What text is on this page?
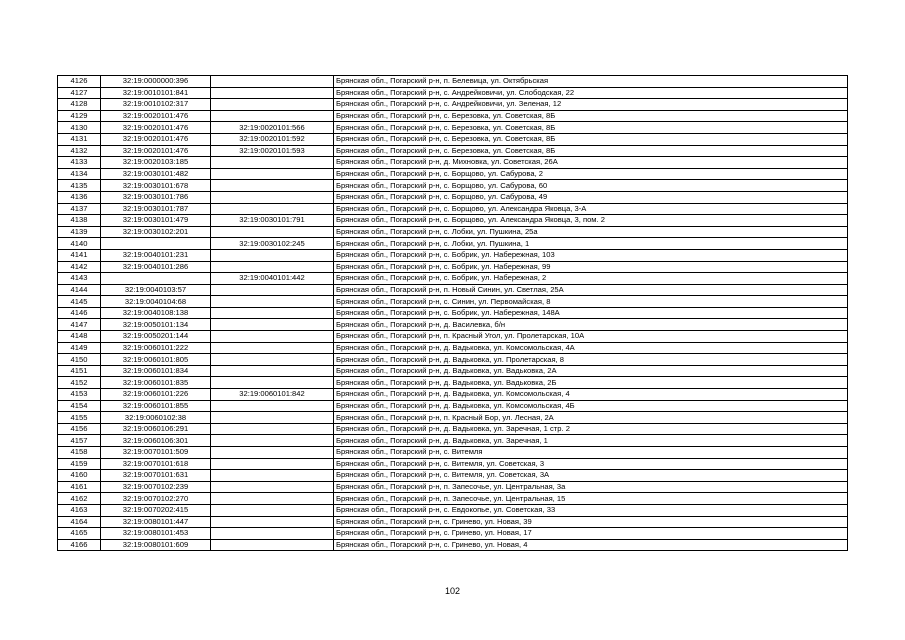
4126	32:19:0000000:396		Брянская обл., Погарский р-н, п. Белевица, ул. Октябрьская
4127	32:19:0010101:841		Брянская обл., Погарский р-н, с. Андрейковичи, ул. Слободская, 22
4128	32:19:0010102:317		Брянская обл., Погарский р-н, с. Андрейковичи, ул. Зеленая, 12
4129	32:19:0020101:476		Брянская обл., Погарский р-н, с. Березовка, ул. Советская, 8Б
4130	32:19:0020101:476	32:19:0020101:566	Брянская обл., Погарский р-н, с. Березовка, ул. Советская, 8Б
4131	32:19:0020101:476	32:19:0020101:592	Брянская обл., Погарский р-н, с. Березовка, ул. Советская, 8Б
4132	32:19:0020101:476	32:19:0020101:593	Брянская обл., Погарский р-н, с. Березовка, ул. Советская, 8Б
4133	32:19:0020103:185		Брянская обл., Погарский р-н, д. Михновка, ул. Советская, 26А
4134	32:19:0030101:482		Брянская обл., Погарский р-н, с. Борщово, ул. Сабурова, 2
4135	32:19:0030101:678		Брянская обл., Погарский р-н, с. Борщово, ул. Сабурова, 60
4136	32:19:0030101:786		Брянская обл., Погарский р-н, с. Борщово, ул. Сабурова, 49
4137	32:19:0030101:787		Брянская обл., Погарский р-н, с. Борщово, ул. Александра Яковца, 3-А
4138	32:19:0030101:479	32:19:0030101:791	Брянская обл., Погарский р-н, с. Борщово, ул. Александра Яковца, 3, пом. 2
4139	32:19:0030102:201		Брянская обл., Погарский р-н, с. Лобки, ул. Пушкина, 25а
4140		32:19:0030102:245	Брянская обл., Погарский р-н, с. Лобки, ул. Пушкина, 1
4141	32:19:0040101:231		Брянская обл., Погарский р-н, с. Бобрик, ул. Набережная, 103
4142	32:19:0040101:286		Брянская обл., Погарский р-н, с. Бобрик, ул. Набережная, 99
4143		32:19:0040101:442	Брянская обл., Погарский р-н, с. Бобрик, ул. Набережная, 2
4144	32:19:0040103:57		Брянская обл., Погарский р-н, п. Новый Синин, ул. Светлая, 25А
4145	32:19:0040104:68		Брянская обл., Погарский р-н, с. Синин, ул. Первомайская, 8
4146	32:19:0040108:138		Брянская обл., Погарский р-н, с. Бобрик, ул. Набережная, 148А
4147	32:19:0050101:134		Брянская обл., Погарский р-н, д. Василевка, б/н
4148	32:19:0050201:144		Брянская обл., Погарский р-н, п. Красный Угол, ул. Пролетарская, 10А
4149	32:19:0060101:222		Брянская обл., Погарский р-н, д. Вадьковка, ул. Комсомольская, 4А
4150	32:19:0060101:805		Брянская обл., Погарский р-н, д. Вадьковка, ул. Пролетарская, 8
4151	32:19:0060101:834		Брянская обл., Погарский р-н, д. Вадьковка, ул. Вадьковка, 2А
4152	32:19:0060101:835		Брянская обл., Погарский р-н, д. Вадьковка, ул. Вадьковка, 2Б
4153	32:19:0060101:226	32:19:0060101:842	Брянская обл., Погарский р-н, д. Вадьковка, ул. Комсомольская, 4
4154	32:19:0060101:855		Брянская обл., Погарский р-н, д. Вадьковка, ул. Комсомольская, 4Б
4155	32:19:0060102:38		Брянская обл., Погарский р-н, п. Красный Бор, ул. Лесная, 2А
4156	32:19:0060106:291		Брянская обл., Погарский р-н, д. Вадьковка, ул. Заречная, 1 стр. 2
4157	32:19:0060106:301		Брянская обл., Погарский р-н, д. Вадьковка, ул. Заречная, 1
4158	32:19:0070101:509		Брянская обл., Погарский р-н, с. Витемля
4159	32:19:0070101:618		Брянская обл., Погарский р-н, с. Витемля, ул. Советская, 3
4160	32:19:0070101:631		Брянская обл., Погарский р-н, с. Витемля, ул. Советская, 3А
4161	32:19:0070102:239		Брянская обл., Погарский р-н, п. Запесочье, ул. Центральная, 3а
4162	32:19:0070102:270		Брянская обл., Погарский р-н, п. Запесочье, ул. Центральная, 15
4163	32:19:0070202:415		Брянская обл., Погарский р-н, с. Евдокопье, ул. Советская, 33
4164	32:19:0080101:447		Брянская обл., Погарский р-н, с. Гринево, ул. Новая, 39
4165	32:19:0080101:453		Брянская обл., Погарский р-н, с. Гринево, ул. Новая, 17
4166	32:19:0080101:609		Брянская обл., Погарский р-н, с. Гринево, ул. Новая, 4
102
